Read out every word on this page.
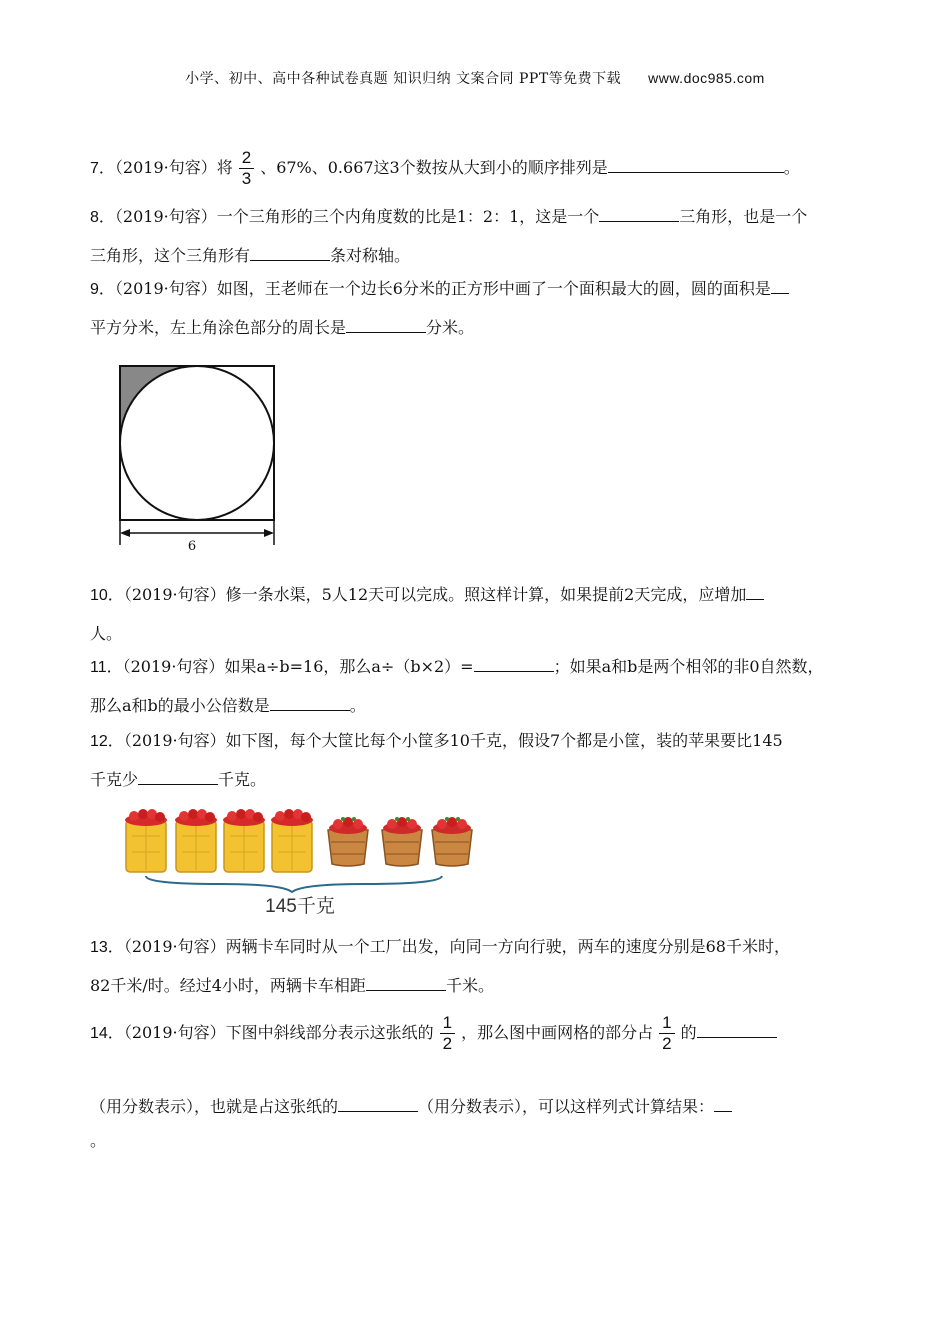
小学、初中、高中各种试卷真题 知识归纳 文案合同 PPT等免费下载 www.doc985.com
7．（2019·句容）将 $\frac{2}{3}$ 、67%、0.667这3个数按从大到小的顺序排列是	。
8．（2019·句容）一个三角形的三个内角度数的比是1：2：1，这是一个	三角形，也是一个
三角形，这个三角形有	条对称轴。
9．（2019·句容）如图，王老师在一个边长6分米的正方形中画了一个面积最大的圆，圆的面积是
平方分米，左上角涂色部分的周长是	分米。
6
10．（2019·句容）修一条水渠，5人12天可以完成。照这样计算，如果提前2天完成，应增加
人。
11．（2019·句容）如果a÷b=16，那么a÷（b×2）=	；如果a和b是两个相邻的非0自然数，
那么a和b的最小公倍数是	。
12．（2019·句容）如下图，每个大筐比每个小筐多10千克，假设7个都是小筐，装的苹果要比145
千克少	千克。
145千克
13．（2019·句容）两辆卡车同时从一个工厂出发，向同一方向行驶，两车的速度分别是68千米时，
82千米/时。经过4小时，两辆卡车相距	千米。
14．（2019·句容）下图中斜线部分表示这张纸的 $\frac{1}{2}$ ，那么图中画网格的部分占 $\frac{1}{2}$ 的
（用分数表示），也就是占这张纸的	（用分数表示），可以这样列式计算结果：
。
